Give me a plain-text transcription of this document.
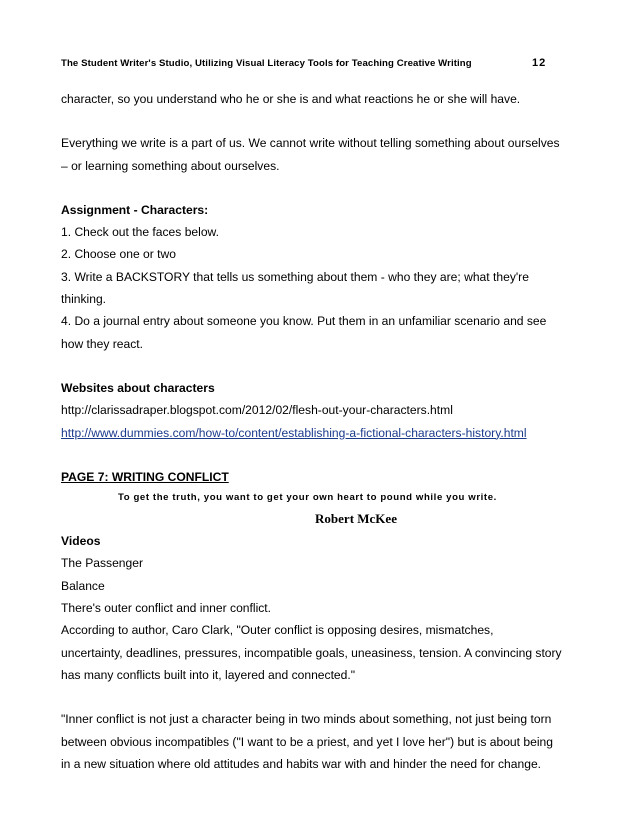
The Student Writer's Studio, Utilizing Visual Literacy Tools for Teaching Creative Writing	12

character, so you understand who he or she is and what reactions he or she will have.

Everything we write is a part of us. We cannot write without telling something about ourselves

– or learning something about ourselves.

Assignment - Characters:

1. Check out the faces below.

2. Choose one or two

3. Write a BACKSTORY that tells us something about them - who they are; what they're

thinking.

4. Do a journal entry about someone you know. Put them in an unfamiliar scenario and see

how they react.

Websites about characters

http://clarissadraper.blogspot.com/2012/02/flesh-out-your-characters.html

http://www.dummies.com/how-to/content/establishing-a-fictional-characters-history.html

PAGE 7: WRITING CONFLICT

To get the truth, you want to get your own heart to pound while you write.

Robert McKee

Videos

The Passenger

Balance

There's outer conflict and inner conflict.

According to author, Caro Clark, "Outer conflict is opposing desires, mismatches,

uncertainty, deadlines, pressures, incompatible goals, uneasiness, tension. A convincing story

has many conflicts built into it, layered and connected."

"Inner conflict is not just a character being in two minds about something, not just being torn

between obvious incompatibles ("I want to be a priest, and yet I love her") but is about being

in a new situation where old attitudes and habits war with and hinder the need for change.
